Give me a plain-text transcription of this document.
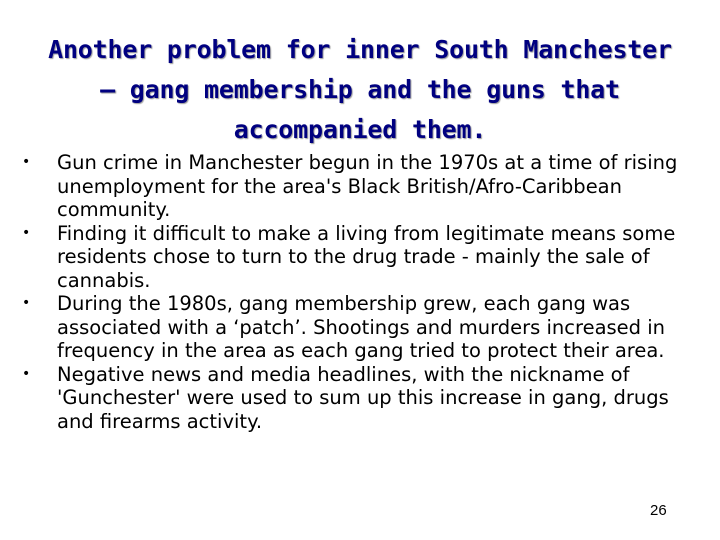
Another problem for inner South Manchester – gang membership and the guns that accompanied them.
• Gun crime in Manchester begun in the 1970s at a time of rising unemployment for the area's Black British/Afro-Caribbean community.
• Finding it difficult to make a living from legitimate means some residents chose to turn to the drug trade - mainly the sale of cannabis.
• During the 1980s, gang membership grew, each gang was associated with a ‘patch’. Shootings and murders increased in frequency in the area as each gang tried to protect their area.
• Negative news and media headlines, with the nickname of 'Gunchester' were used to sum up this increase in gang, drugs and firearms activity.
26
